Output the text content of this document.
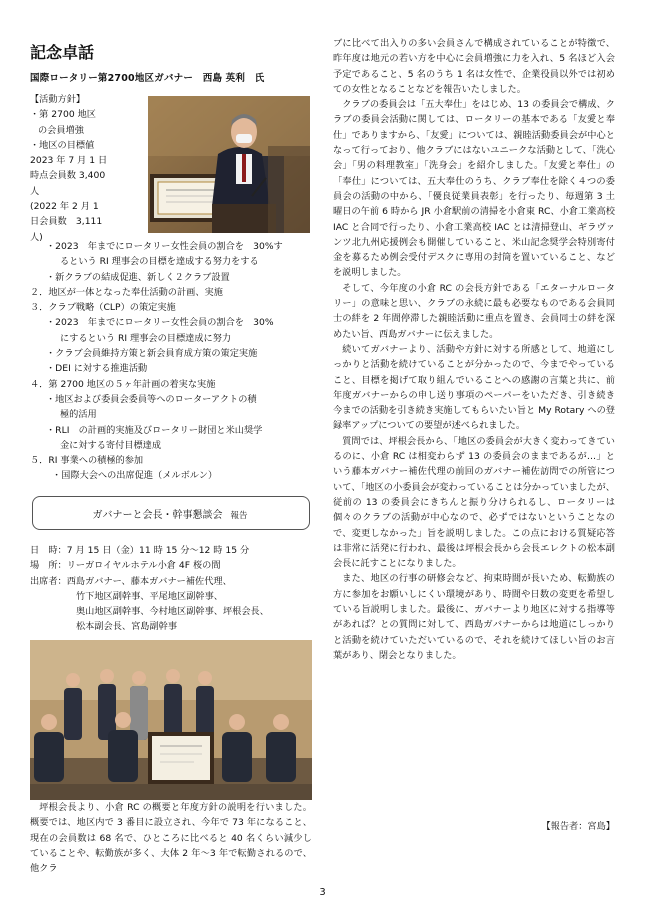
記念卓話
国際ロータリー第2700地区ガバナー　西島 英利　氏
【活動方針】
・第 2700 地区
の会員増強
・地区の目標値
2023 年 7 月 1 日
時点会員数 3,400
人
(2022 年 2 月 1
日会員数　3,111
人)
・2023　年までにロータリー女性会員の割合を　30%す
るという RI 理事会の目標を達成する努力をする
・新クラブの結成促進、新しく２クラブ設置
２．地区が一体となった奉仕活動の計画、実施
３．クラブ戦略（CLP）の策定実施
・2023　年までにロータリー女性会員の割合を　30%
にするという RI 理事会の目標達成に努力
・クラブ会員維持方策と新会員育成方策の策定実施
・DEI に対する推進活動
４．第 2700 地区の５ヶ年計画の着実な実施
・地区および委員会委員等へのローターアクトの積
極的活用
・RLI　の計画的実施及びロータリー財団と米山奨学
金に対する寄付目標達成
５．RI 事業への積極的参加
・国際大会への出席促進（メルボルン）
ガバナーと会長・幹事懇談会 報告
日　時：7 月 15 日（金）11 時 15 分～12 時 15 分
場　所：リーガロイヤルホテル小倉 4F 桜の間
出席者：西島ガバナー、藤本ガバナー補佐代理、
竹下地区副幹事、平尾地区副幹事、
奥山地区副幹事、今村地区副幹事、坪根会長、
松本副会長、宮島副幹事

坪根会長より、小倉 RC の概要と年度方針の説明を行いました。概要では、地区内で 3 番目に設立され、今年で 73 年になること、現在の会員数は 68 名で、ひところに比べると 40 名くらい減少していることや、転勤族が多く、大体 2 年～3 年で転勤されるので、他クラ

ブに比べて出入りの多い会員さんで構成されていることが特徴で、昨年度は地元の若い方を中心に会員増強に力を入れ、5 名ほど入会予定であること、5 名のうち 1 名は女性で、企業役員以外では初めての女性となることなどを報告いたしました。

クラブの委員会は「五大奉仕」をはじめ、13 の委員会で構成、クラブの委員会活動に関しては、ロータリーの基本である「友愛と奉仕」でありますから、「友愛」については、親睦活動委員会が中心となって行っており、他クラブにはないユニークな活動として、「洗心会」「男の料理教室」「洗身会」を紹介しました。「友愛と奉仕」の「奉仕」については、五大奉仕のうち、クラブ奉仕を除く４つの委員会の活動の中から、「優良従業員表彰」を行ったり、毎週第 3 土曜日の午前 6 時から JR 小倉駅前の清掃を小倉東 RC、小倉工業高校 IAC と合同で行ったり、小倉工業高校 IAC とは清掃登山、ギラヴァンツ北九州応援例会も開催していること、米山記念奨学会特別寄付金を募るため例会受付デスクに専用の封筒を置いていること、などを説明しました。

そして、今年度の小倉 RC の会長方針である「エターナルロータリー」の意味と思い、クラブの永続に最も必要なものである会員同士の絆を 2 年間停滞した親睦活動に重点を置き、会員同士の絆を深めたい旨、西島ガバナーに伝えました。

続いてガバナーより、活動や方針に対する所感として、地道にしっかりと活動を続けていることが分かったので、今までやっていること、目標を掲げて取り組んでいることへの感謝の言葉と共に、前年度ガバナーからの申し送り事項のペーパーをいただき、引き続き今までの活動を引き続き実施してもらいたい旨と My Rotary への登録率アップについての要望が述べられました。

質問では、坪根会長から、「地区の委員会が大きく変わってきているのに、小倉 RC は相変わらず 13 の委員会のままであるが…」という藤本ガバナー補佐代理の前回のガバナー補佐訪問での所管について、「地区の小委員会が変わっていることは分かっていましたが、従前の 13 の委員会にきちんと振り分けられるし、ロータリーは個々のクラブの活動が中心なので、必ずではないということなので、変更しなかった」旨を説明しました。この点における質疑応答は非常に活発に行われ、最後は坪根会長から会長エレクトの松本副会長に託すことになりました。

また、地区の行事の研修会など、拘束時間が長いため、転勤族の方に参加をお願いしにくい環境があり、時間や日数の変更を希望している旨説明しました。最後に、ガバナーより地区に対する指導等があれば？との質問に対して、西島ガバナーからは地道にしっかりと活動を続けていただいているので、それを続けてほしい旨のお言葉があり、閉会となりました。

【報告者：宮島】
3
